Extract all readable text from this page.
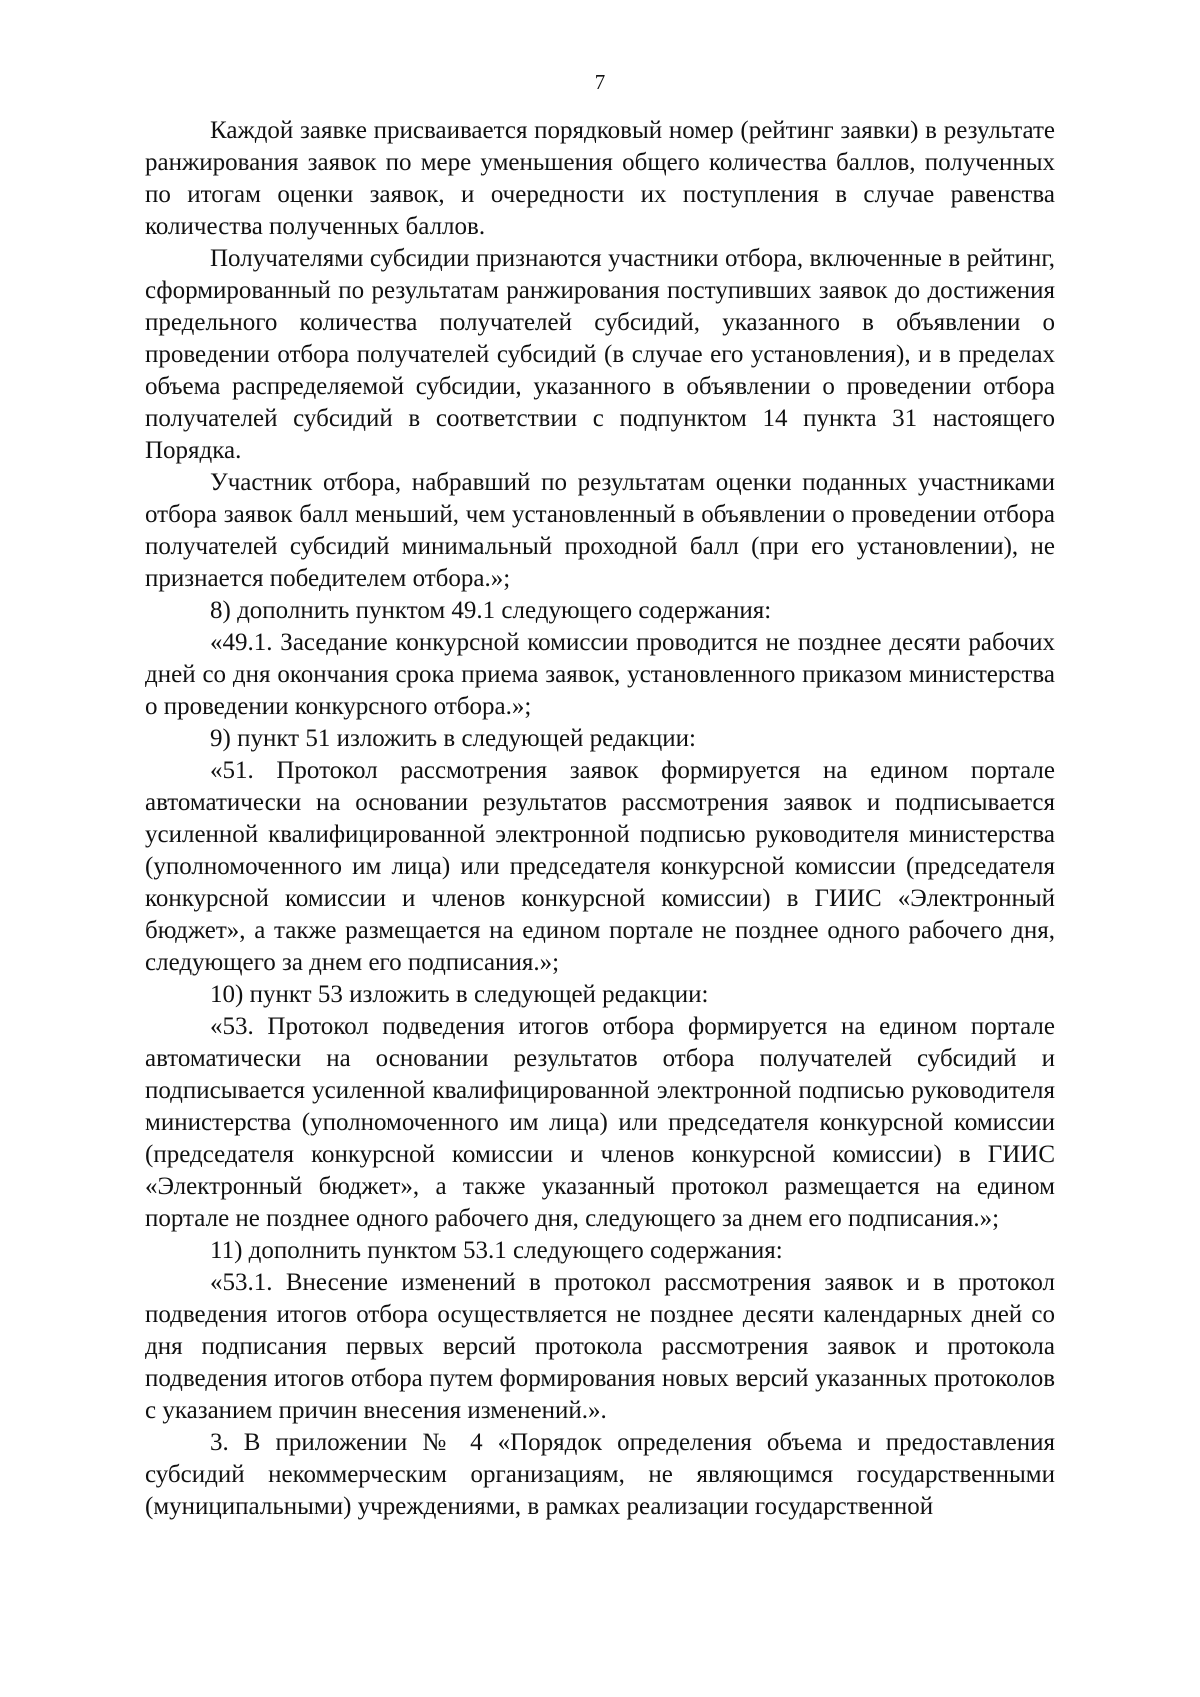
7

Каждой заявке присваивается порядковый номер (рейтинг заявки) в результате ранжирования заявок по мере уменьшения общего количества баллов, полученных по итогам оценки заявок, и очередности их поступления в случае равенства количества полученных баллов.

Получателями субсидии признаются участники отбора, включенные в рейтинг, сформированный по результатам ранжирования поступивших заявок до достижения предельного количества получателей субсидий, указанного в объявлении о проведении отбора получателей субсидий (в случае его установления), и в пределах объема распределяемой субсидии, указанного в объявлении о проведении отбора получателей субсидий в соответствии с подпунктом 14 пункта 31 настоящего Порядка.

Участник отбора, набравший по результатам оценки поданных участниками отбора заявок балл меньший, чем установленный в объявлении о проведении отбора получателей субсидий минимальный проходной балл (при его установлении), не признается победителем отбора.»;

8) дополнить пунктом 49.1 следующего содержания:

«49.1. Заседание конкурсной комиссии проводится не позднее десяти рабочих дней со дня окончания срока приема заявок, установленного приказом министерства о проведении конкурсного отбора.»;

9) пункт 51 изложить в следующей редакции:

«51. Протокол рассмотрения заявок формируется на едином портале автоматически на основании результатов рассмотрения заявок и подписывается усиленной квалифицированной электронной подписью руководителя министерства (уполномоченного им лица) или председателя конкурсной комиссии (председателя конкурсной комиссии и членов конкурсной комиссии) в ГИИС «Электронный бюджет», а также размещается на едином портале не позднее одного рабочего дня, следующего за днем его подписания.»;

10) пункт 53 изложить в следующей редакции:

«53. Протокол подведения итогов отбора формируется на едином портале автоматически на основании результатов отбора получателей субсидий и подписывается усиленной квалифицированной электронной подписью руководителя министерства (уполномоченного им лица) или председателя конкурсной комиссии (председателя конкурсной комиссии и членов конкурсной комиссии) в ГИИС «Электронный бюджет», а также указанный протокол размещается на едином портале не позднее одного рабочего дня, следующего за днем его подписания.»;

11) дополнить пунктом 53.1 следующего содержания:

«53.1. Внесение изменений в протокол рассмотрения заявок и в протокол подведения итогов отбора осуществляется не позднее десяти календарных дней со дня подписания первых версий протокола рассмотрения заявок и протокола подведения итогов отбора путем формирования новых версий указанных протоколов с указанием причин внесения изменений.».

3. В приложении № 4 «Порядок определения объема и предоставления субсидий некоммерческим организациям, не являющимся государственными (муниципальными) учреждениями, в рамках реализации государственной
